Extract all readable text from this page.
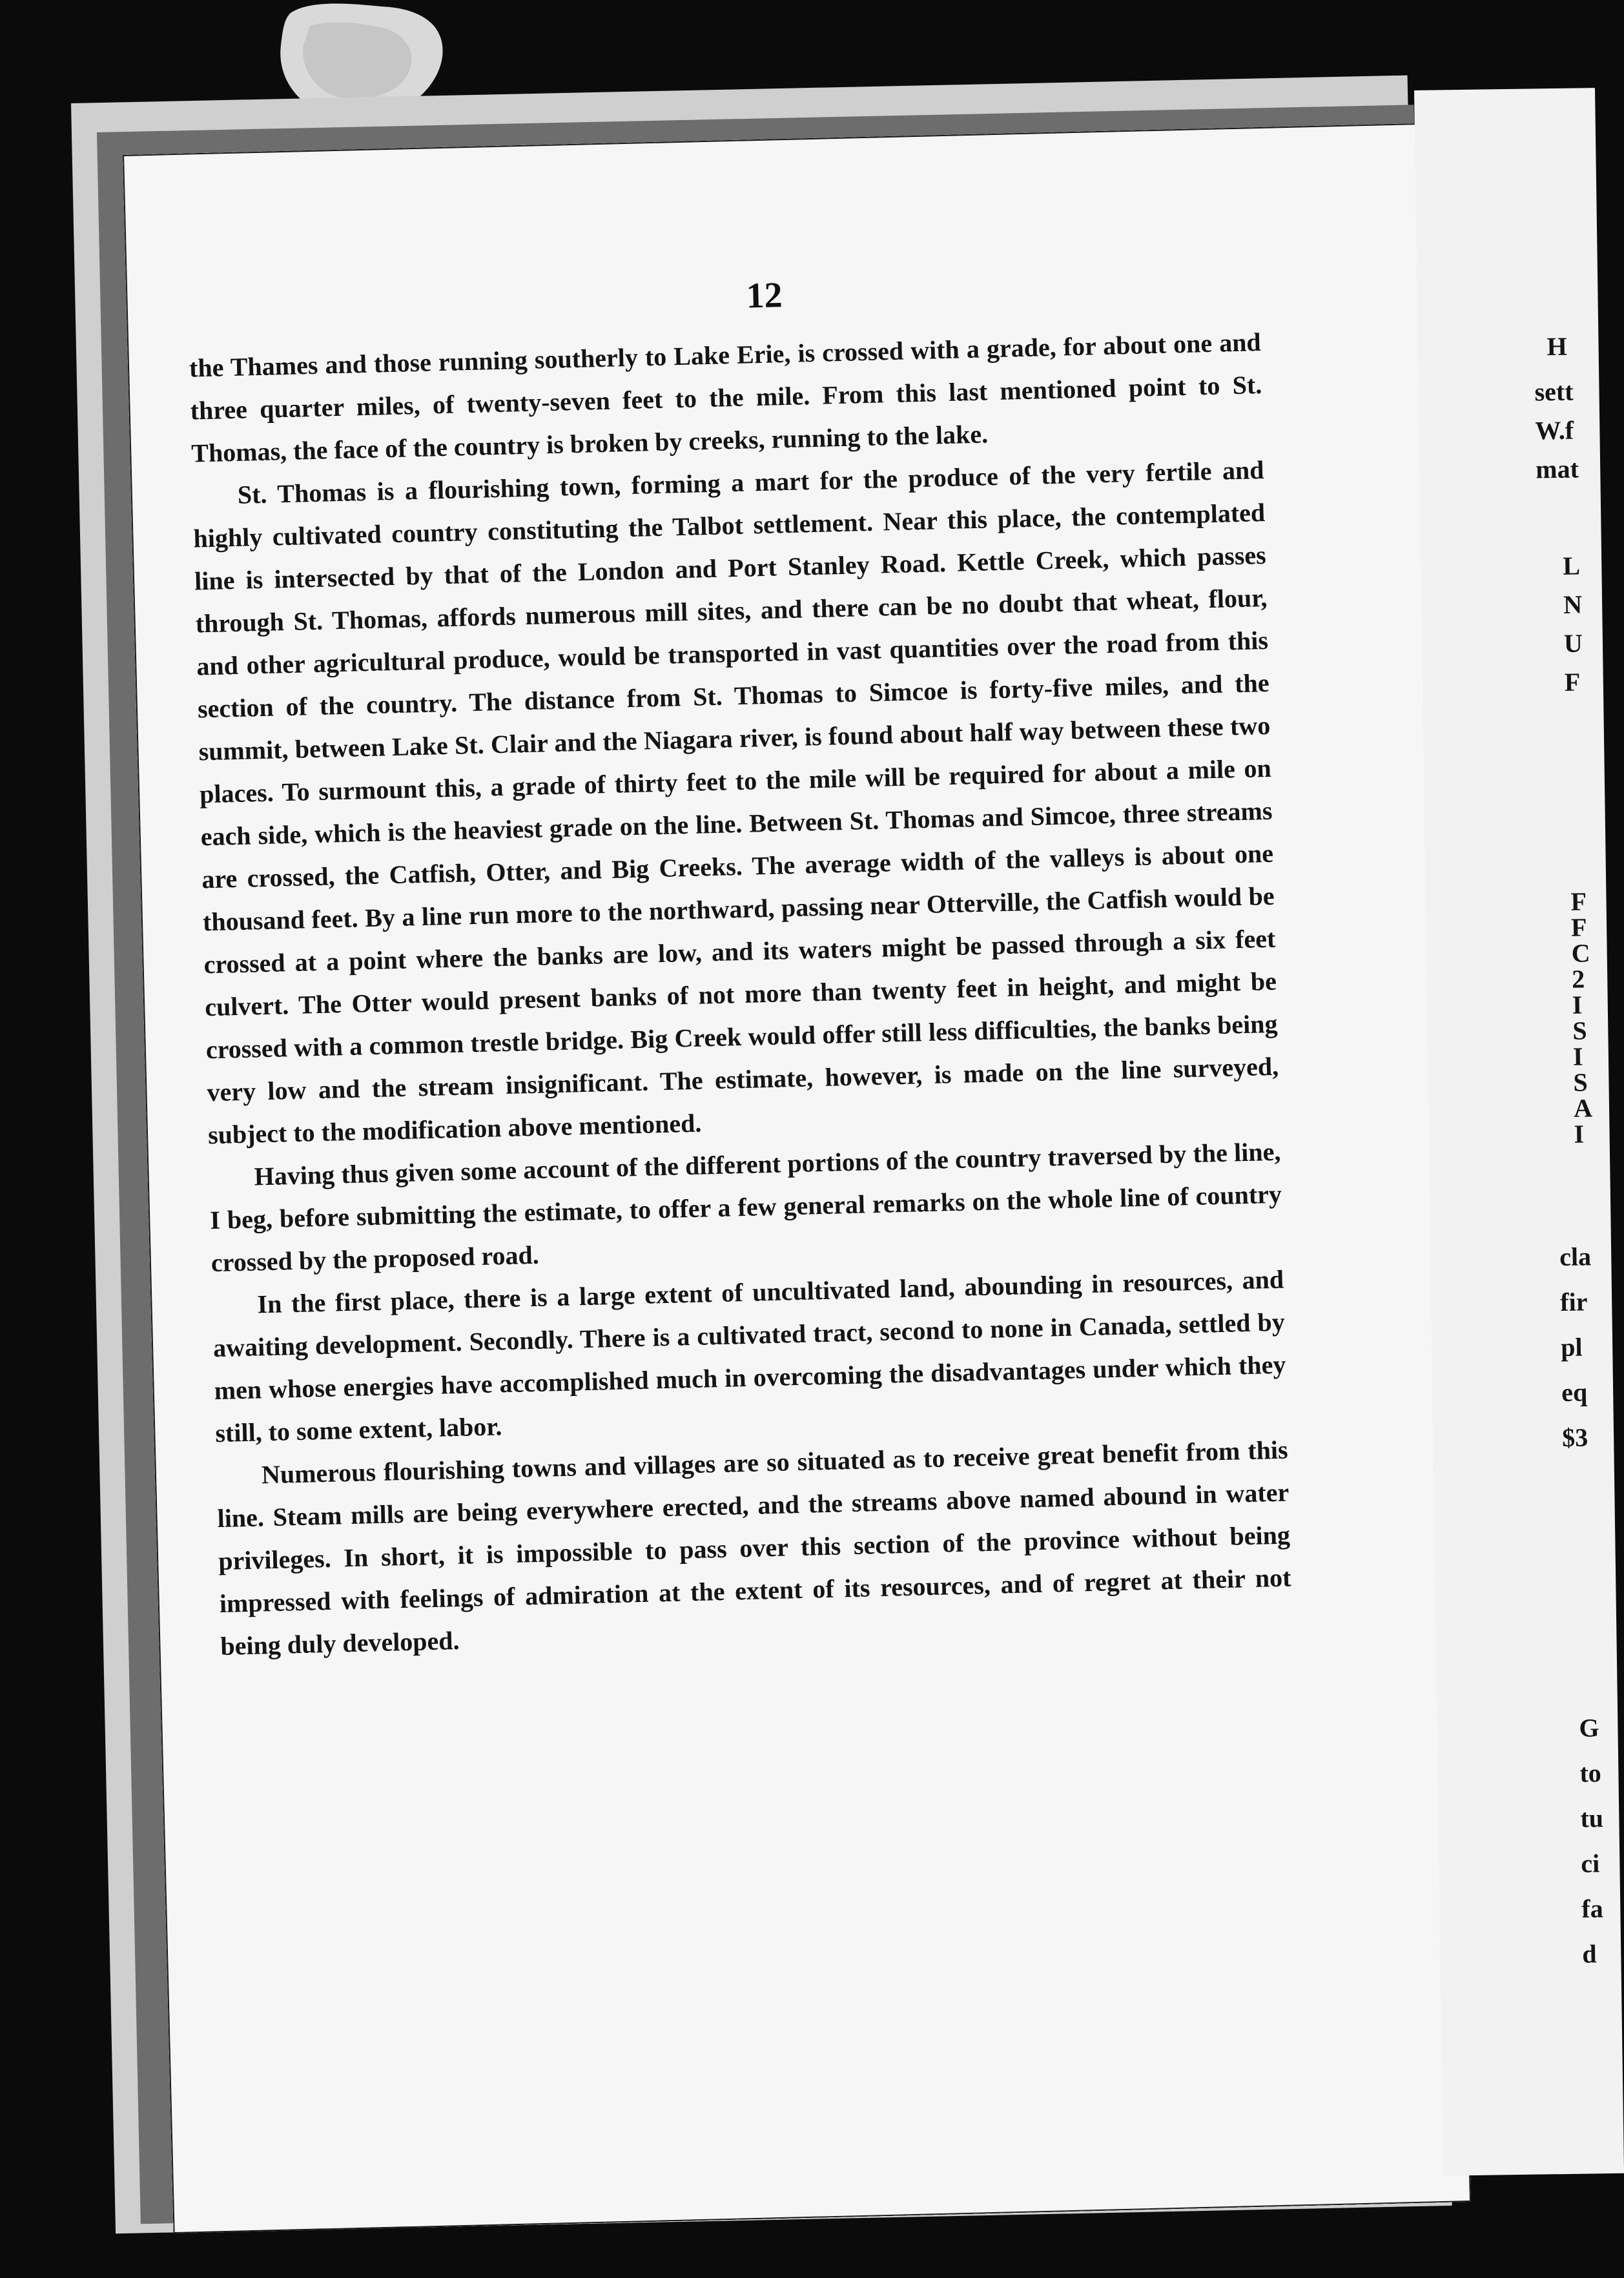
12

the Thames and those running southerly to Lake Erie, is crossed with a grade, for about one and three quarter miles, of twenty-seven feet to the mile. From this last mentioned point to St. Thomas, the face of the country is broken by creeks, running to the lake.

St. Thomas is a flourishing town, forming a mart for the produce of the very fertile and highly cultivated country constituting the Talbot settlement. Near this place, the contemplated line is intersected by that of the London and Port Stanley Road. Kettle Creek, which passes through St. Thomas, affords numerous mill sites, and there can be no doubt that wheat, flour, and other agricultural produce, would be transported in vast quantities over the road from this section of the country. The distance from St. Thomas to Simcoe is forty-five miles, and the summit, between Lake St. Clair and the Niagara river, is found about half way between these two places. To surmount this, a grade of thirty feet to the mile will be required for about a mile on each side, which is the heaviest grade on the line. Between St. Thomas and Simcoe, three streams are crossed, the Catfish, Otter, and Big Creeks. The average width of the valleys is about one thousand feet. By a line run more to the northward, passing near Otterville, the Catfish would be crossed at a point where the banks are low, and its waters might be passed through a six feet culvert. The Otter would present banks of not more than twenty feet in height, and might be crossed with a common trestle bridge. Big Creek would offer still less difficulties, the banks being very low and the stream insignificant. The estimate, however, is made on the line surveyed, subject to the modification above mentioned.

Having thus given some account of the different portions of the country traversed by the line, I beg, before submitting the estimate, to offer a few general remarks on the whole line of country crossed by the proposed road.

In the first place, there is a large extent of uncultivated land, abounding in resources, and awaiting development. Secondly. There is a cultivated tract, second to none in Canada, settled by men whose energies have accomplished much in overcoming the disadvantages under which they still, to some extent, labor.

Numerous flourishing towns and villages are so situated as to receive great benefit from this line. Steam mills are being everywhere erected, and the streams above named abound in water privileges. In short, it is impossible to pass over this section of the province without being impressed with feelings of admiration at the extent of its resources, and of regret at their not being duly developed.

H
sett
W.f
mat
L
N
U
F
F
F
C
2
I
S
I
S
A
I
cla
fir
pl
eq
$3
G
to
tu
ci
fa
d
